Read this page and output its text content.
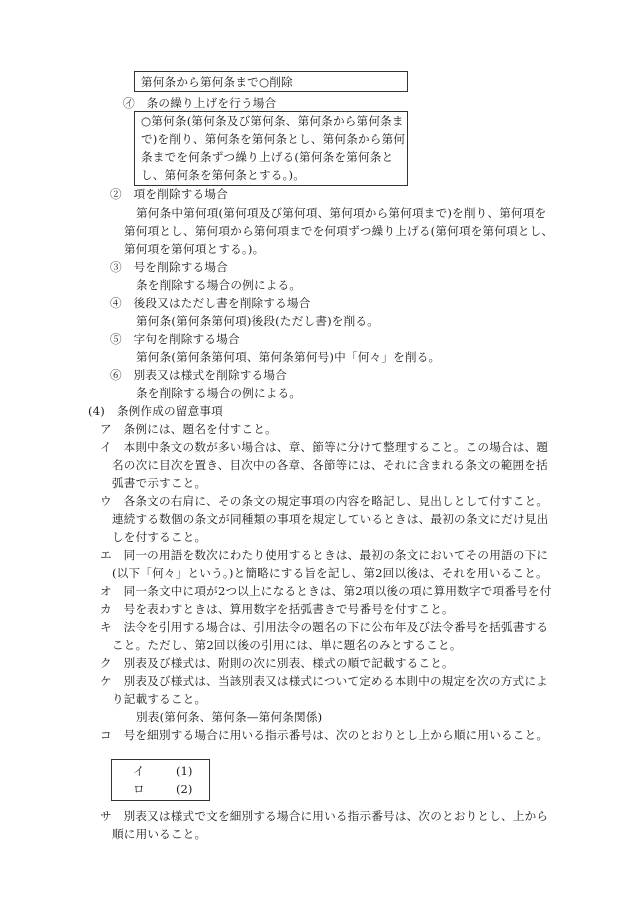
第何条から第何条まで○削除
㋑　条の繰り上げを行う場合
○第何条(第何条及び第何条、第何条から第何条ま
で)を削り、第何条を第何条とし、第何条から第何
条までを何条ずつ繰り上げる(第何条を第何条と
し、第何条を第何条とする。)。
②　項を削除する場合
第何条中第何項(第何項及び第何項、第何項から第何項まで)を削り、第何項を
第何項とし、第何項から第何項までを何項ずつ繰り上げる(第何項を第何項とし、
第何項を第何項とする。)。
③　号を削除する場合
条を削除する場合の例による。
④　後段又はただし書を削除する場合
第何条(第何条第何項)後段(ただし書)を削る。
⑤　字句を削除する場合
第何条(第何条第何項、第何条第何号)中「何々」を削る。
⑥　別表又は様式を削除する場合
条を削除する場合の例による。
(4)　条例作成の留意事項
ア　条例には、題名を付すこと。
イ　本則中条文の数が多い場合は、章、節等に分けて整理すること。この場合は、題
名の次に目次を置き、目次中の各章、各節等には、それに含まれる条文の範囲を括
弧書で示すこと。
ウ　各条文の右肩に、その条文の規定事項の内容を略記し、見出しとして付すこと。
連続する数個の条文が同種類の事項を規定しているときは、最初の条文にだけ見出
しを付すること。
エ　同一の用語を数次にわたり使用するときは、最初の条文においてその用語の下に
(以下「何々」という。)と簡略にする旨を記し、第2回以後は、それを用いること。
オ　同一条文中に項が2つ以上になるときは、第2項以後の項に算用数字で項番号を付
カ　号を表わすときは、算用数字を括弧書きで号番号を付すこと。
キ　法令を引用する場合は、引用法令の題名の下に公布年及び法令番号を括弧書する
こと。ただし、第2回以後の引用には、単に題名のみとすること。
ク　別表及び様式は、附則の次に別表、様式の順で記載すること。
ケ　別表及び様式は、当該別表又は様式について定める本則中の規定を次の方式によ
り記載すること。
別表(第何条、第何条—第何条関係)
コ　号を細別する場合に用いる指示番号は、次のとおりとし上から順に用いること。
イ	(1)
ロ	(2)
サ　別表又は様式で文を細別する場合に用いる指示番号は、次のとおりとし、上から
順に用いること。
